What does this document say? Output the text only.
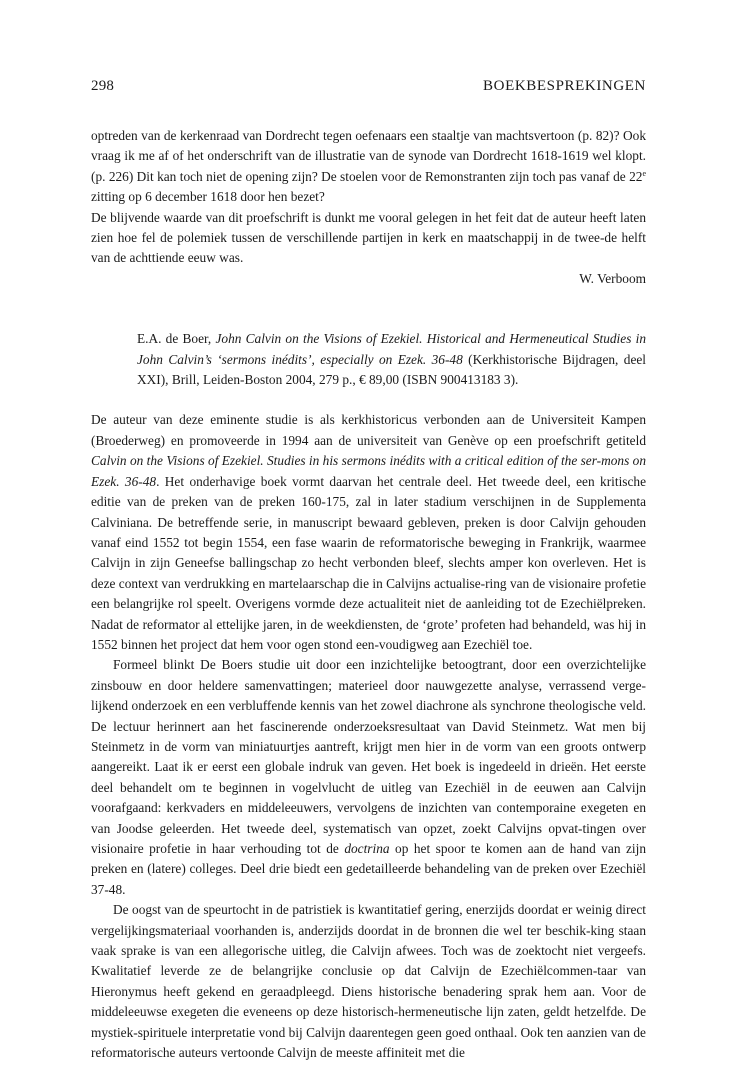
298	BOEKBESPREKINGEN

optreden van de kerkenraad van Dordrecht tegen oefenaars een staaltje van machtsvertoon (p. 82)? Ook vraag ik me af of het onderschrift van de illustratie van de synode van Dordrecht 1618-1619 wel klopt. (p. 226) Dit kan toch niet de opening zijn? De stoelen voor de Remonstranten zijn toch pas vanaf de 22e zitting op 6 december 1618 door hen bezet?

De blijvende waarde van dit proefschrift is dunkt me vooral gelegen in het feit dat de auteur heeft laten zien hoe fel de polemiek tussen de verschillende partijen in kerk en maatschappij in de twee-de helft van de achttiende eeuw was.

W. Verboom

E.A. de Boer, John Calvin on the Visions of Ezekiel. Historical and Hermeneutical Studies in John Calvin’s ‘sermons inédits’, especially on Ezek. 36-48 (Kerkhistorische Bijdragen, deel XXI), Brill, Leiden-Boston 2004, 279 p., € 89,00 (ISBN 900413183 3).

De auteur van deze eminente studie is als kerkhistoricus verbonden aan de Universiteit Kampen (Broederweg) en promoveerde in 1994 aan de universiteit van Genève op een proefschrift getiteld Calvin on the Visions of Ezekiel. Studies in his sermons inédits with a critical edition of the ser-mons on Ezek. 36-48. Het onderhavige boek vormt daarvan het centrale deel. Het tweede deel, een kritische editie van de preken van de preken 160-175, zal in later stadium verschijnen in de Supplementa Calviniana. De betreffende serie, in manuscript bewaard gebleven, preken is door Calvijn gehouden vanaf eind 1552 tot begin 1554, een fase waarin de reformatorische beweging in Frankrijk, waarmee Calvijn in zijn Geneefse ballingschap zo hecht verbonden bleef, slechts amper kon overleven. Het is deze context van verdrukking en martelaarschap die in Calvijns actualise-ring van de visionaire profetie een belangrijke rol speelt. Overigens vormde deze actualiteit niet de aanleiding tot de Ezechiëlpreken. Nadat de reformator al ettelijke jaren, in de weekdiensten, de ‘grote’ profeten had behandeld, was hij in 1552 binnen het project dat hem voor ogen stond een-voudigweg aan Ezechiël toe.

Formeel blinkt De Boers studie uit door een inzichtelijke betoogtrant, door een overzichtelijke zinsbouw en door heldere samenvattingen; materieel door nauwgezette analyse, verrassend verge-lijkend onderzoek en een verbluffende kennis van het zowel diachrone als synchrone theologische veld. De lectuur herinnert aan het fascinerende onderzoeksresultaat van David Steinmetz. Wat men bij Steinmetz in de vorm van miniatuurtjes aantreft, krijgt men hier in de vorm van een groots ontwerp aangereikt. Laat ik er eerst een globale indruk van geven. Het boek is ingedeeld in drieën. Het eerste deel behandelt om te beginnen in vogelvlucht de uitleg van Ezechiël in de eeuwen aan Calvijn voorafgaand: kerkvaders en middeleeuwers, vervolgens de inzichten van contemporaine exegeten en van Joodse geleerden. Het tweede deel, systematisch van opzet, zoekt Calvijns opvat-tingen over visionaire profetie in haar verhouding tot de doctrina op het spoor te komen aan de hand van zijn preken en (latere) colleges. Deel drie biedt een gedetailleerde behandeling van de preken over Ezechiël 37-48.

De oogst van de speurtocht in de patristiek is kwantitatief gering, enerzijds doordat er weinig direct vergelijkingsmateriaal voorhanden is, anderzijds doordat in de bronnen die wel ter beschik-king staan vaak sprake is van een allegorische uitleg, die Calvijn afwees. Toch was de zoektocht niet vergeefs. Kwalitatief leverde ze de belangrijke conclusie op dat Calvijn de Ezechiëlcommen-taar van Hieronymus heeft gekend en geraadpleegd. Diens historische benadering sprak hem aan. Voor de middeleeuwse exegeten die eveneens op deze historisch-hermeneutische lijn zaten, geldt hetzelfde. De mystiek-spirituele interpretatie vond bij Calvijn daarentegen geen goed onthaal. Ook ten aanzien van de reformatorische auteurs vertoonde Calvijn de meeste affiniteit met die
